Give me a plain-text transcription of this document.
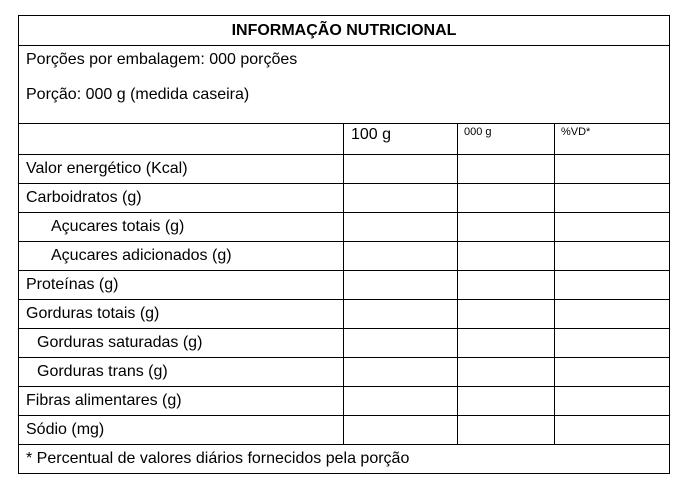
INFORMAÇÃO NUTRICIONAL			

Porções por embalagem: 000 porções
Porção: 000 g (medida caseira)			

	100 g	000 g	%VD*
Valor energético (Kcal)			
Carboidratos (g)			
Açucares totais (g)			
Açucares adicionados (g)			
Proteínas (g)			
Gorduras totais (g)			
Gorduras saturadas (g)			
Gorduras trans (g)			
Fibras alimentares (g)			
Sódio (mg)			
* Percentual de valores diários fornecidos pela porção			
